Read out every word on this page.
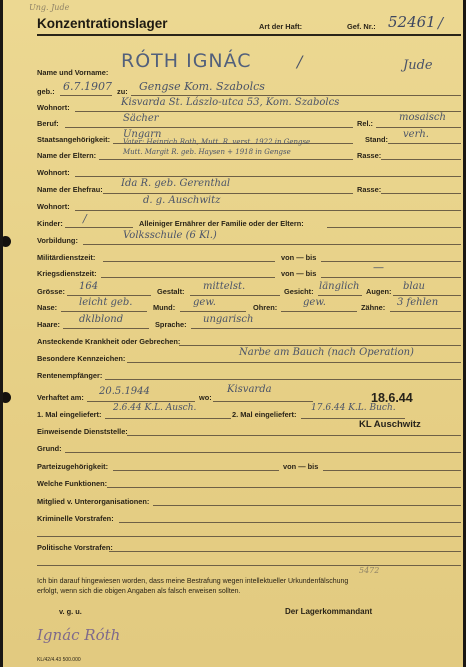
Ung. Jude
Konzentrationslager	Art der Haft:	Gef. Nr.: 52461 /
Name und Vorname:
RÓTH IGNÁC	/	Jude
geb.: 6.7.1907 zu: Gengse Kom. Szabolcs
Wohnort:	Kisvarda St. Lászlo-utca 53, Kom. Szabolcs
Beruf:	Sächer	Rel.:
mosaisch
Staatsangehörigkeit: Ungarn	Stand: verh.
Name der Eltern:
Vater: Heinrich Roth, Mutt. R. verst. 1922 in Gengse
Mutt. Margit R. geb. Haysen + 1918 in Gengse	Rasse:
Wohnort:
Name der Ehefrau:
Ida R. geb. Gerenthal
Rasse:
Wohnort:
d. g. Auschwitz
Kinder: /	Alleiniger Ernährer der Familie oder der Eltern:
Vorbildung:	Volksschule (6 Kl.)
Militärdienstzeit:	von — bis
Kriegsdienstzeit:	von — bis	—
Grösse: 164	Gestalt: mittelst.	Gesicht: länglich Augen: blau
Nase: leicht geb.	Mund: gew.	Ohren:	gew.	Zähne: 3 fehlen
Haare: dklblond	Sprache: ungarisch
Ansteckende Krankheit oder Gebrechen:
Besondere Kennzeichen:
Narbe am Bauch (nach Operation)
Rentenempfänger:
Verhaftet am:
20.5.1944
wo:
Kisvarda
18.6.44
KL Auschwitz
1. Mal eingeliefert:
2.6.44 K.L. Ausch.
2. Mal eingeliefert:
17.6.44 K.L. Buch.
Einweisende Dienststelle:
Grund:
Parteizugehörigkeit:	von — bis
Welche Funktionen:
Mitglied v. Unterorganisationen:
Kriminelle Vorstrafen:
Politische Vorstrafen:
5472
Ich bin darauf hingewiesen worden, dass meine Bestrafung wegen intellektueller Urkundenfälschung
erfolgt, wenn sich die obigen Angaben als falsch erweisen sollten.
v. g. u.	Der Lagerkommandant
Ignác Róth
KL/42/4.43 500.000
